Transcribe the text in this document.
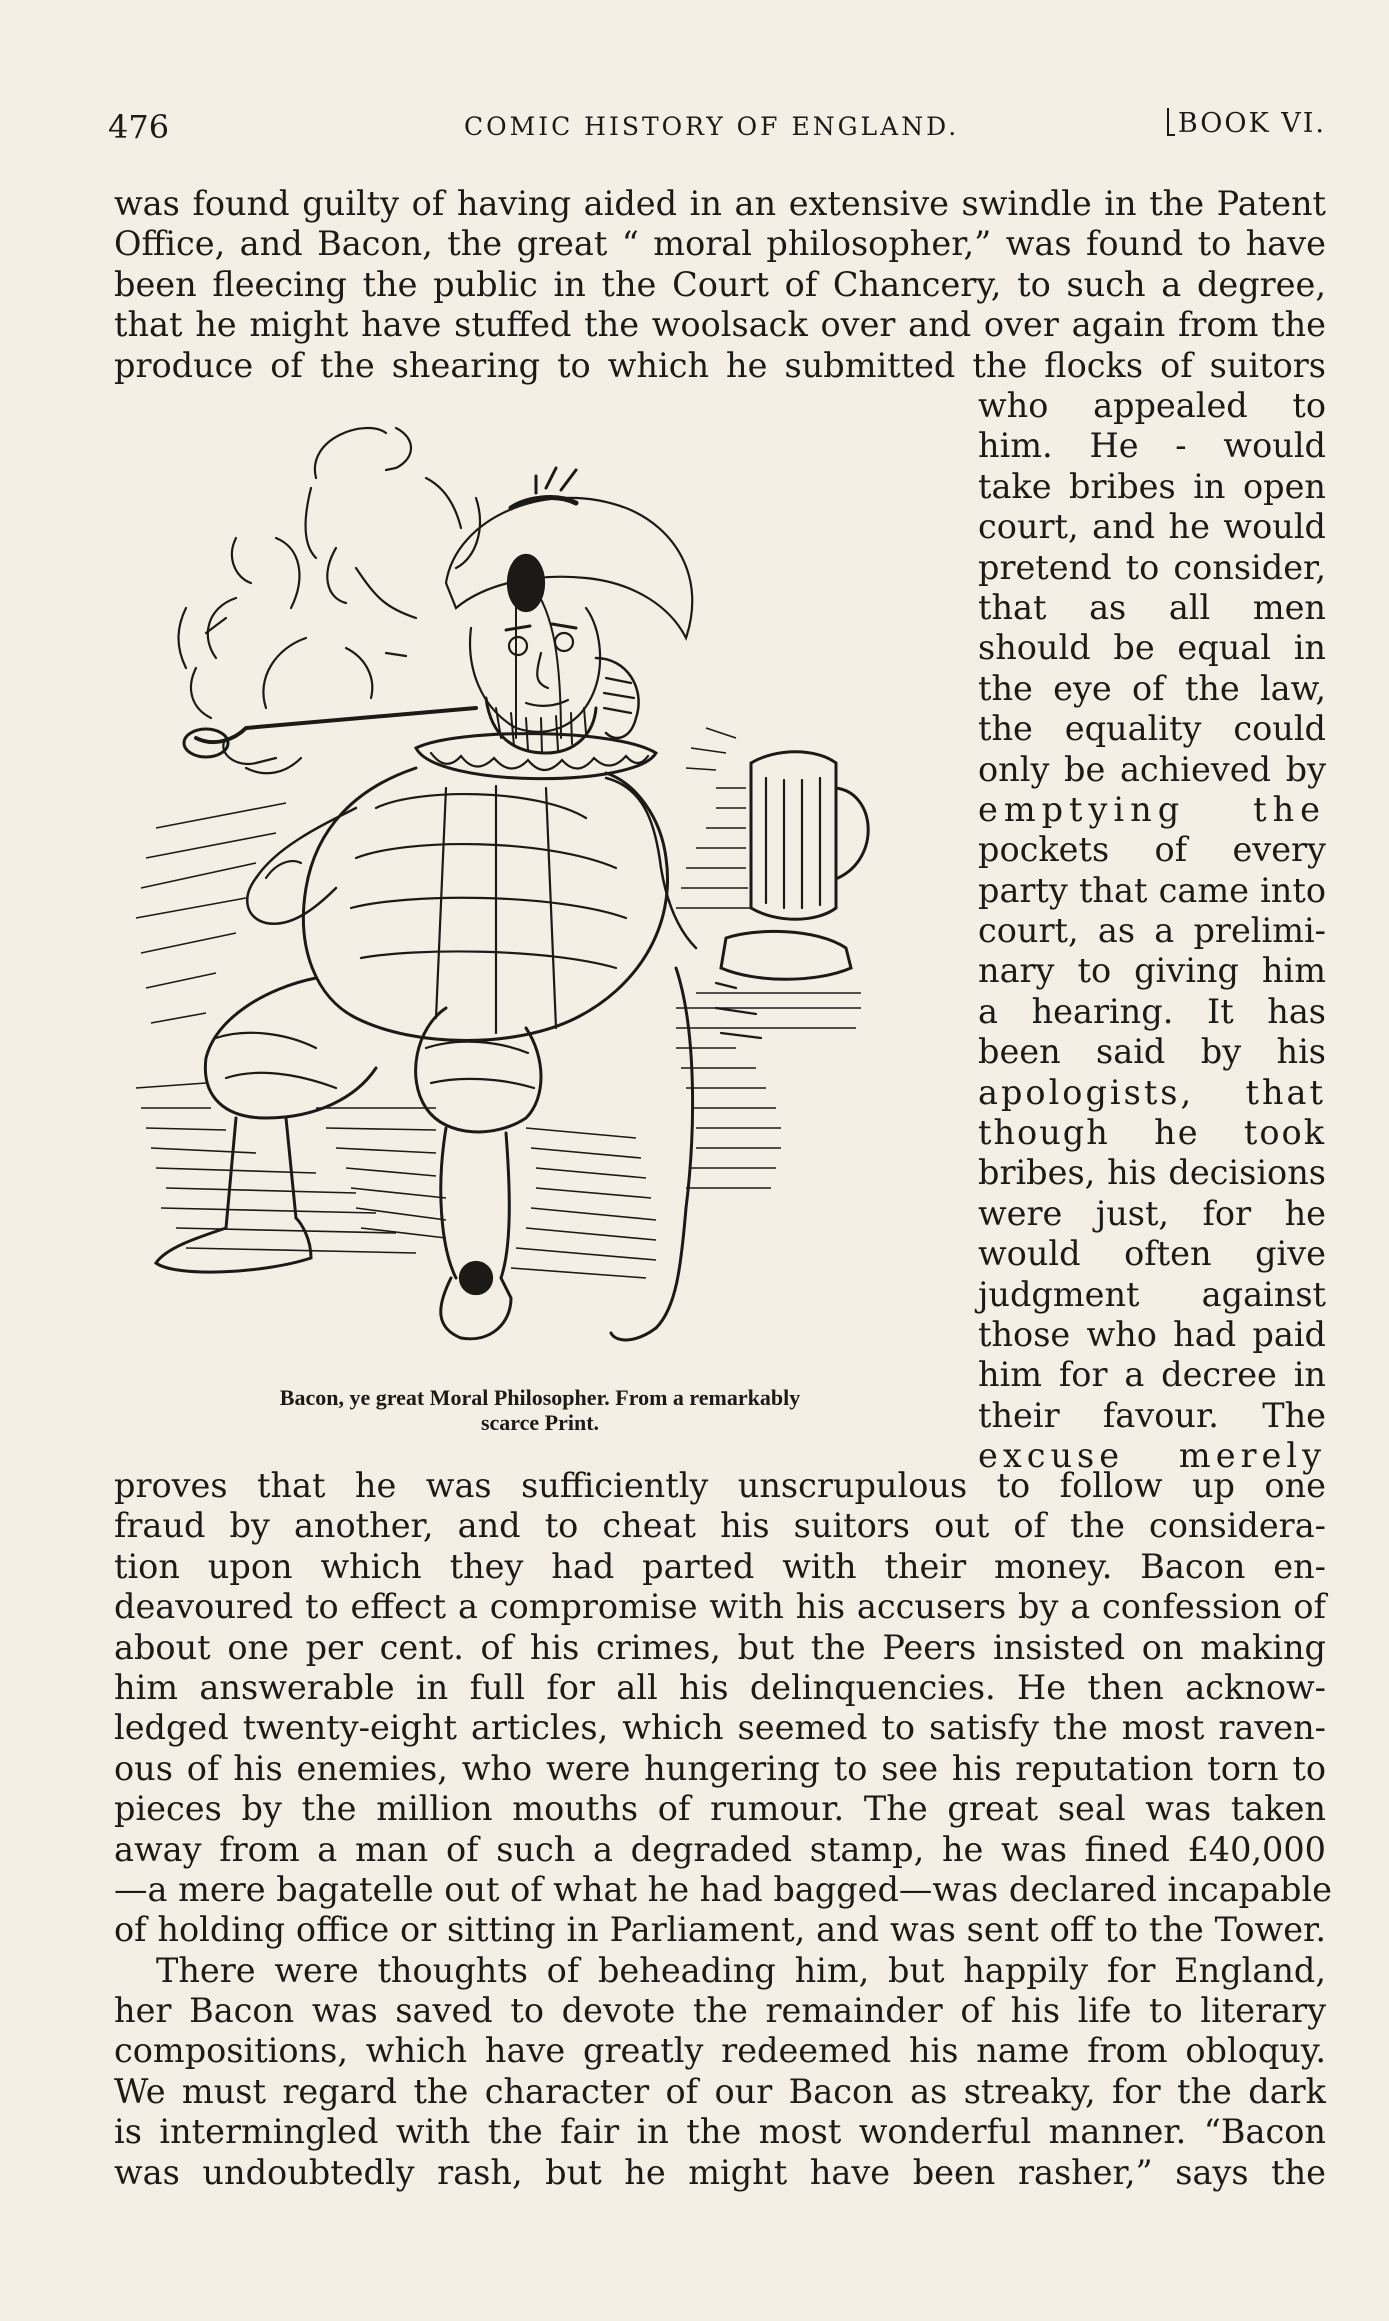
476	COMIC HISTORY OF ENGLAND.	BOOK VI.
was found guilty of having aided in an extensive swindle in the Patent
Office, and Bacon, the great “ moral philosopher,” was found to have
been fleecing the public in the Court of Chancery, to such a degree,
that he might have stuffed the woolsack over and over again from the
produce of the shearing to which he submitted the flocks of suitors
who appealed to
him. He - would
take bribes in open
court, and he would
pretend to consider,
that as all men
should be equal in
the eye of the law,
the equality could
only be achieved by
emptying the
pockets of every
party that came into
court, as a prelimi-
nary to giving him
a hearing. It has
been said by his
apologists, that
though he took
bribes, his decisions
were just, for he
would often give
judgment against
those who had paid
him for a decree in
their favour. The
excuse merely
Bacon, ye great Moral Philosopher. From a remarkably
scarce Print.
proves that he was sufficiently unscrupulous to follow up one
fraud by another, and to cheat his suitors out of the considera-
tion upon which they had parted with their money. Bacon en-
deavoured to effect a compromise with his accusers by a confession of
about one per cent. of his crimes, but the Peers insisted on making
him answerable in full for all his delinquencies. He then acknow-
ledged twenty-eight articles, which seemed to satisfy the most raven-
ous of his enemies, who were hungering to see his reputation torn to
pieces by the million mouths of rumour. The great seal was taken
away from a man of such a degraded stamp, he was fined £40,000
—a mere bagatelle out of what he had bagged—was declared incapable
of holding office or sitting in Parliament, and was sent off to the Tower.
There were thoughts of beheading him, but happily for England,
her Bacon was saved to devote the remainder of his life to literary
compositions, which have greatly redeemed his name from obloquy.
We must regard the character of our Bacon as streaky, for the dark
is intermingled with the fair in the most wonderful manner. “Bacon
was undoubtedly rash, but he might have been rasher,” says the
